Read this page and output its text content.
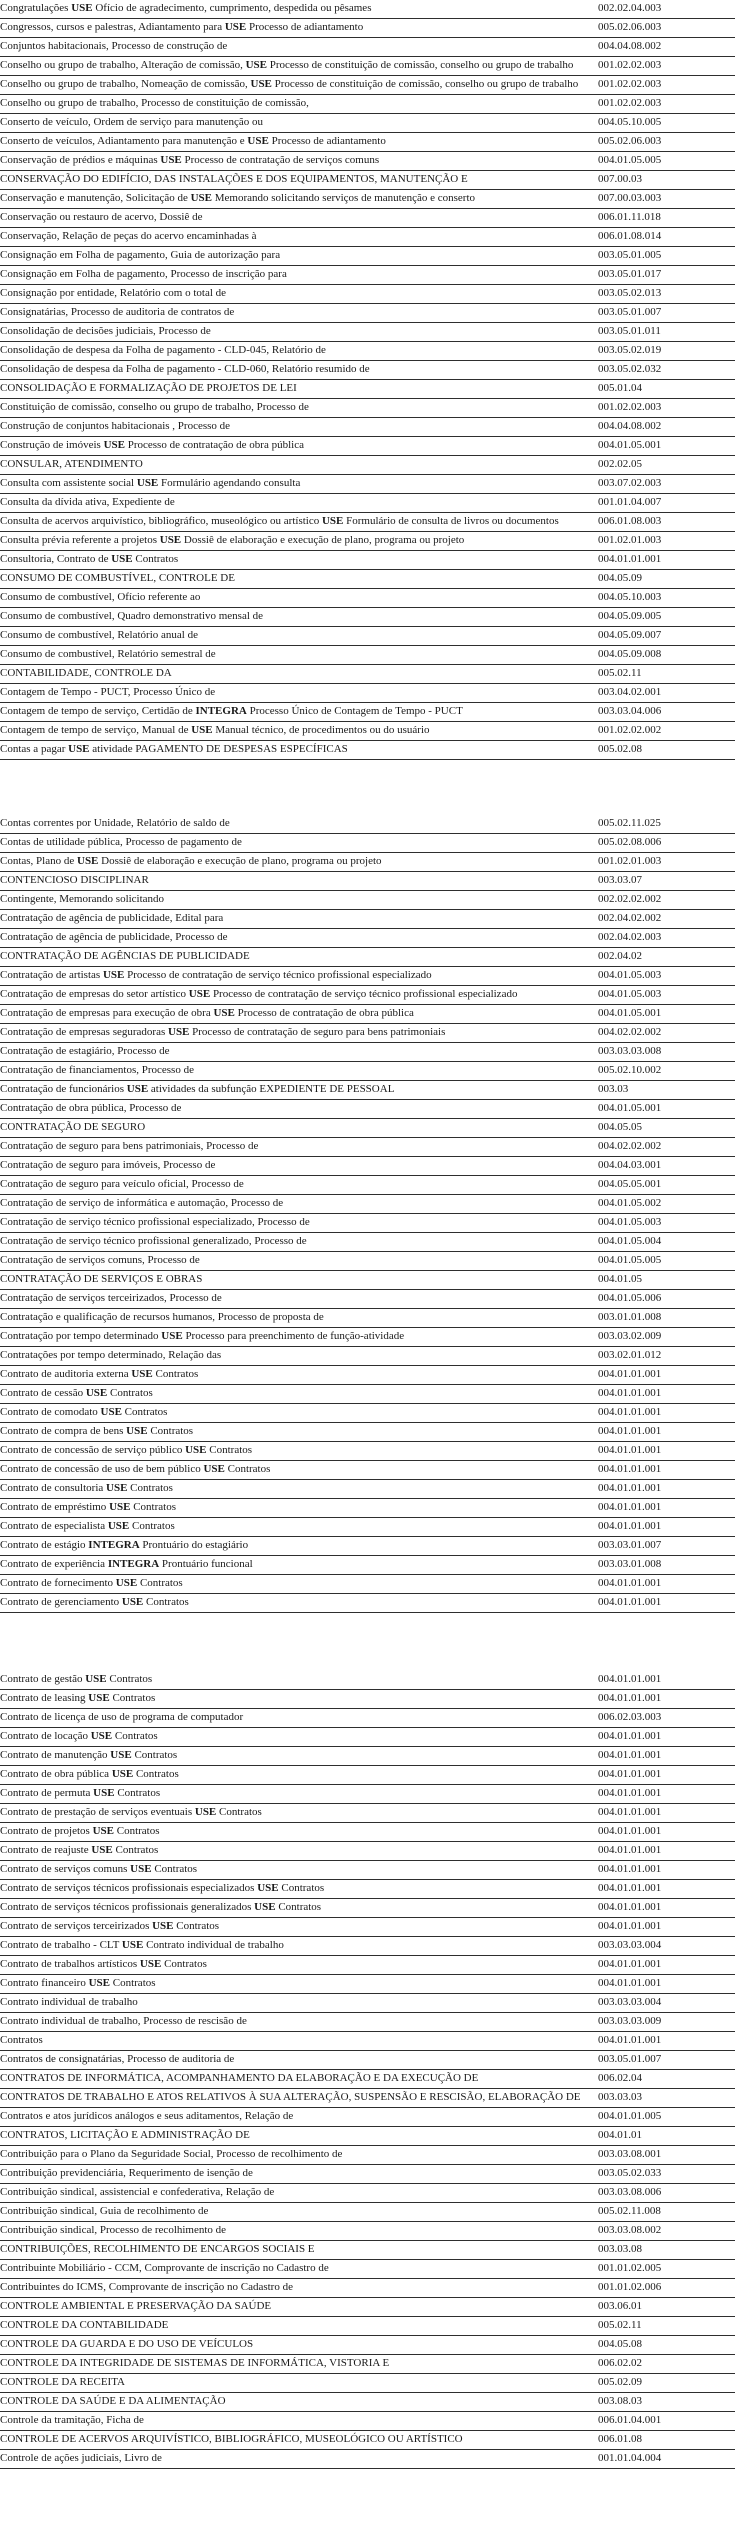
Congratulações USE Ofício de agradecimento, cumprimento, despedida ou pêsames	002.02.04.003
Congressos, cursos e palestras, Adiantamento para USE Processo de adiantamento	005.02.06.003
Conjuntos habitacionais, Processo de construção de	004.04.08.002
Conselho ou grupo de trabalho, Alteração de comissão, USE Processo de constituição de comissão, conselho ou grupo de trabalho	001.02.02.003
Conselho ou grupo de trabalho, Nomeação de comissão, USE Processo de constituição de comissão, conselho ou grupo de trabalho	001.02.02.003
Conselho ou grupo de trabalho, Processo de constituição de comissão,	001.02.02.003
Conserto de veículo, Ordem de serviço para manutenção ou	004.05.10.005
Conserto de veículos, Adiantamento para manutenção e USE Processo de adiantamento	005.02.06.003
Conservação de prédios e máquinas USE Processo de contratação de serviços comuns	004.01.05.005
CONSERVAÇÃO DO EDIFÍCIO, DAS INSTALAÇÕES E DOS EQUIPAMENTOS, MANUTENÇÃO E	007.00.03
Conservação e manutenção, Solicitação de USE Memorando solicitando serviços de manutenção e conserto	007.00.03.003
Conservação ou restauro de acervo, Dossiê de	006.01.11.018
Conservação, Relação de peças do acervo encaminhadas à	006.01.08.014
Consignação em Folha de pagamento, Guia de autorização para	003.05.01.005
Consignação em Folha de pagamento, Processo de inscrição para	003.05.01.017
Consignação por entidade, Relatório com o total de	003.05.02.013
Consignatárias, Processo de auditoria de contratos de	003.05.01.007
Consolidação de decisões judiciais, Processo de	003.05.01.011
Consolidação de despesa da Folha de pagamento - CLD-045, Relatório de	003.05.02.019
Consolidação de despesa da Folha de pagamento - CLD-060, Relatório resumido de	003.05.02.032
CONSOLIDAÇÃO E FORMALIZAÇÃO DE PROJETOS DE LEI	005.01.04
Constituição de comissão, conselho ou grupo de trabalho, Processo de	001.02.02.003
Construção de conjuntos habitacionais , Processo de	004.04.08.002
Construção de imóveis USE Processo de contratação de obra pública	004.01.05.001
CONSULAR, ATENDIMENTO	002.02.05
Consulta com assistente social USE Formulário agendando consulta	003.07.02.003
Consulta da dívida ativa, Expediente de	001.01.04.007
Consulta de acervos arquivístico, bibliográfico, museológico ou artístico USE Formulário de consulta de livros ou documentos	006.01.08.003
Consulta prévia referente a projetos USE Dossiê de elaboração e execução de plano, programa ou projeto	001.02.01.003
Consultoria, Contrato de USE Contratos	004.01.01.001
CONSUMO DE COMBUSTÍVEL, CONTROLE DE	004.05.09
Consumo de combustível, Ofício referente ao	004.05.10.003
Consumo de combustível, Quadro demonstrativo mensal de	004.05.09.005
Consumo de combustível, Relatório anual de	004.05.09.007
Consumo de combustível, Relatório semestral de	004.05.09.008
CONTABILIDADE, CONTROLE DA	005.02.11
Contagem de Tempo - PUCT, Processo Único de	003.04.02.001
Contagem de tempo de serviço, Certidão de INTEGRA Processo Único de Contagem de Tempo - PUCT	003.03.04.006
Contagem de tempo de serviço, Manual de USE Manual técnico, de procedimentos ou do usuário	001.02.02.002
Contas a pagar USE atividade PAGAMENTO DE DESPESAS ESPECÍFICAS	005.02.08
Contas correntes por Unidade, Relatório de saldo de	005.02.11.025
Contas de utilidade pública, Processo de pagamento de	005.02.08.006
Contas, Plano de USE Dossiê de elaboração e execução de plano, programa ou projeto	001.02.01.003
CONTENCIOSO DISCIPLINAR	003.03.07
Contingente, Memorando solicitando	002.02.02.002
Contratação de agência de publicidade, Edital para	002.04.02.002
Contratação de agência de publicidade, Processo de	002.04.02.003
CONTRATAÇÃO DE AGÊNCIAS DE PUBLICIDADE	002.04.02
Contratação de artistas USE Processo de contratação de serviço técnico profissional especializado	004.01.05.003
Contratação de empresas do setor artístico USE Processo de contratação de serviço técnico profissional especializado	004.01.05.003
Contratação de empresas para execução de obra USE Processo de contratação de obra pública	004.01.05.001
Contratação de empresas seguradoras USE Processo de contratação de seguro para bens patrimoniais	004.02.02.002
Contratação de estagiário, Processo de	003.03.03.008
Contratação de financiamentos, Processo de	005.02.10.002
Contratação de funcionários USE atividades da subfunção EXPEDIENTE DE PESSOAL	003.03
Contratação de obra pública, Processo de	004.01.05.001
CONTRATAÇÃO DE SEGURO	004.05.05
Contratação de seguro para bens patrimoniais, Processo de	004.02.02.002
Contratação de seguro para imóveis, Processo de	004.04.03.001
Contratação de seguro para veículo oficial, Processo de	004.05.05.001
Contratação de serviço de informática e automação, Processo de	004.01.05.002
Contratação de serviço técnico profissional especializado, Processo de	004.01.05.003
Contratação de serviço técnico profissional generalizado, Processo de	004.01.05.004
Contratação de serviços comuns, Processo de	004.01.05.005
CONTRATAÇÃO DE SERVIÇOS E OBRAS	004.01.05
Contratação de serviços terceirizados, Processo de	004.01.05.006
Contratação e qualificação de recursos humanos, Processo de proposta de	003.01.01.008
Contratação por tempo determinado USE Processo para preenchimento de função-atividade	003.03.02.009
Contratações por tempo determinado, Relação das	003.02.01.012
Contrato de auditoria externa USE Contratos	004.01.01.001
Contrato de cessão USE Contratos	004.01.01.001
Contrato de comodato USE Contratos	004.01.01.001
Contrato de compra de bens USE Contratos	004.01.01.001
Contrato de concessão de serviço público USE Contratos	004.01.01.001
Contrato de concessão de uso de bem público USE Contratos	004.01.01.001
Contrato de consultoria USE Contratos	004.01.01.001
Contrato de empréstimo USE Contratos	004.01.01.001
Contrato de especialista USE Contratos	004.01.01.001
Contrato de estágio INTEGRA Prontuário do estagiário	003.03.01.007
Contrato de experiência INTEGRA Prontuário funcional	003.03.01.008
Contrato de fornecimento USE Contratos	004.01.01.001
Contrato de gerenciamento USE Contratos	004.01.01.001
Contrato de gestão USE Contratos	004.01.01.001
Contrato de leasing USE Contratos	004.01.01.001
Contrato de licença de uso de programa de computador	006.02.03.003
Contrato de locação USE Contratos	004.01.01.001
Contrato de manutenção USE Contratos	004.01.01.001
Contrato de obra pública USE Contratos	004.01.01.001
Contrato de permuta USE Contratos	004.01.01.001
Contrato de prestação de serviços eventuais USE Contratos	004.01.01.001
Contrato de projetos USE Contratos	004.01.01.001
Contrato de reajuste USE Contratos	004.01.01.001
Contrato de serviços comuns USE Contratos	004.01.01.001
Contrato de serviços técnicos profissionais especializados USE Contratos	004.01.01.001
Contrato de serviços técnicos profissionais generalizados USE Contratos	004.01.01.001
Contrato de serviços terceirizados USE Contratos	004.01.01.001
Contrato de trabalho - CLT USE Contrato individual de trabalho	003.03.03.004
Contrato de trabalhos artísticos USE Contratos	004.01.01.001
Contrato financeiro USE Contratos	004.01.01.001
Contrato individual de trabalho	003.03.03.004
Contrato individual de trabalho, Processo de rescisão de	003.03.03.009
Contratos	004.01.01.001
Contratos de consignatárias, Processo de auditoria de	003.05.01.007
CONTRATOS DE INFORMÁTICA, ACOMPANHAMENTO DA ELABORAÇÃO E DA EXECUÇÃO DE	006.02.04
CONTRATOS DE TRABALHO E ATOS RELATIVOS À SUA ALTERAÇÃO, SUSPENSÃO E RESCISÃO, ELABORAÇÃO DE	003.03.03
Contratos e atos jurídicos análogos e seus aditamentos, Relação de	004.01.01.005
CONTRATOS, LICITAÇÃO E ADMINISTRAÇÃO DE	004.01.01
Contribuição para o Plano da Seguridade Social, Processo de recolhimento de	003.03.08.001
Contribuição previdenciária, Requerimento de isenção de	003.05.02.033
Contribuição sindical, assistencial e confederativa, Relação de	003.03.08.006
Contribuição sindical, Guia de recolhimento de	005.02.11.008
Contribuição sindical, Processo de recolhimento de	003.03.08.002
CONTRIBUIÇÕES, RECOLHIMENTO DE ENCARGOS SOCIAIS E	003.03.08
Contribuinte Mobiliário - CCM, Comprovante de inscrição no Cadastro de	001.01.02.005
Contribuintes do ICMS, Comprovante de inscrição no Cadastro de	001.01.02.006
CONTROLE AMBIENTAL E PRESERVAÇÃO DA SAÚDE	003.06.01
CONTROLE DA CONTABILIDADE	005.02.11
CONTROLE DA GUARDA E DO USO DE VEÍCULOS	004.05.08
CONTROLE DA INTEGRIDADE DE SISTEMAS DE INFORMÁTICA, VISTORIA E	006.02.02
CONTROLE DA RECEITA	005.02.09
CONTROLE DA SAÚDE E DA ALIMENTAÇÃO	003.08.03
Controle da tramitação, Ficha de	006.01.04.001
CONTROLE DE ACERVOS ARQUIVÍSTICO, BIBLIOGRÁFICO, MUSEOLÓGICO OU ARTÍSTICO	006.01.08
Controle de ações judiciais, Livro de	001.01.04.004
